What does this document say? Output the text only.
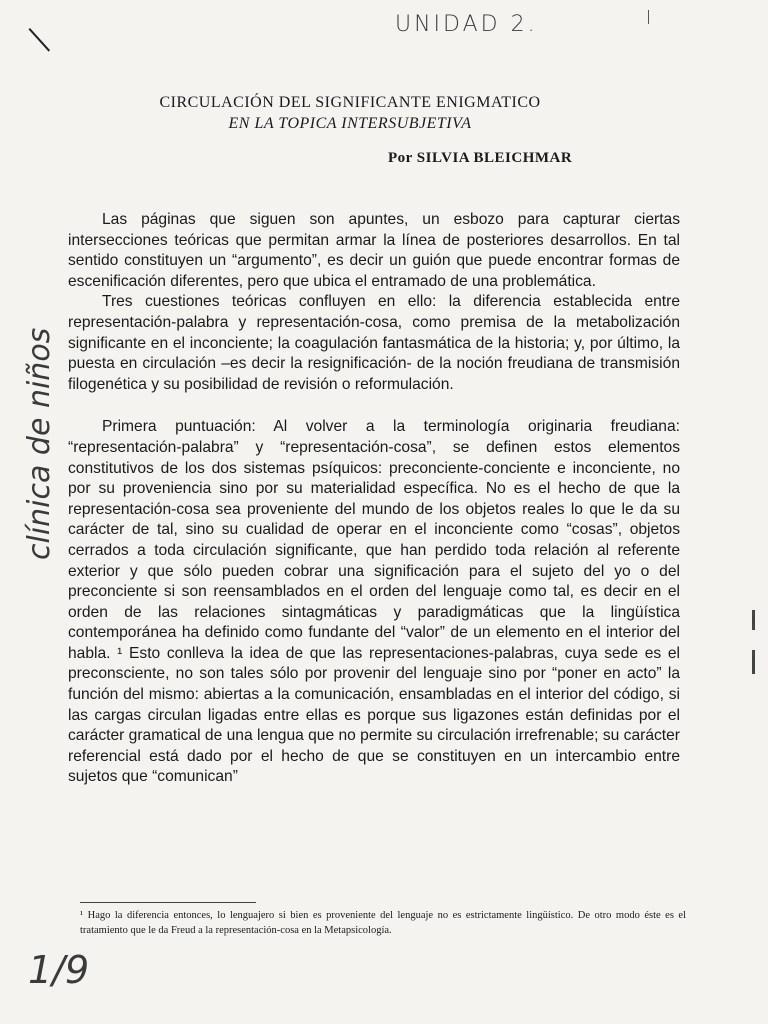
UNIDAD 2.
clínica de niños
1/9
CIRCULACIÓN DEL SIGNIFICANTE ENIGMATICO
EN LA TOPICA INTERSUBJETIVA
Por SILVIA BLEICHMAR

Las páginas que siguen son apuntes, un esbozo para capturar ciertas intersecciones teóricas que permitan armar la línea de posteriores desarrollos. En tal sentido constituyen un “argumento”, es decir un guión que puede encontrar formas de escenificación diferentes, pero que ubica el entramado de una problemática.

Tres cuestiones teóricas confluyen en ello: la diferencia establecida entre representación-palabra y representación-cosa, como premisa de la metabolización significante en el inconciente; la coagulación fantasmática de la historia; y, por último, la puesta en circulación –es decir la resignificación- de la noción freudiana de transmisión filogenética y su posibilidad de revisión o reformulación.

Primera puntuación: Al volver a la terminología originaria freudiana: “representación-palabra” y “representación-cosa”, se definen estos elementos constitutivos de los dos sistemas psíquicos: preconciente-conciente e inconciente, no por su proveniencia sino por su materialidad específica. No es el hecho de que la representación-cosa sea proveniente del mundo de los objetos reales lo que le da su carácter de tal, sino su cualidad de operar en el inconciente como “cosas”, objetos cerrados a toda circulación significante, que han perdido toda relación al referente exterior y que sólo pueden cobrar una significación para el sujeto del yo o del preconciente si son reensamblados en el orden del lenguaje como tal, es decir en el orden de las relaciones sintagmáticas y paradigmáticas que la lingüística contemporánea ha definido como fundante del “valor” de un elemento en el interior del habla. ¹ Esto conlleva la idea de que las representaciones-palabras, cuya sede es el preconsciente, no son tales sólo por provenir del lenguaje sino por “poner en acto” la función del mismo: abiertas a la comunicación, ensambladas en el interior del código, si las cargas circulan ligadas entre ellas es porque sus ligazones están definidas por el carácter gramatical de una lengua que no permite su circulación irrefrenable; su carácter referencial está dado por el hecho de que se constituyen en un intercambio entre sujetos que “comunican”

¹ Hago la diferencia entonces, lo lenguajero si bien es proveniente del lenguaje no es estrictamente lingüístico. De otro modo éste es el tratamiento que le da Freud a la representación-cosa en la Metapsicología.
